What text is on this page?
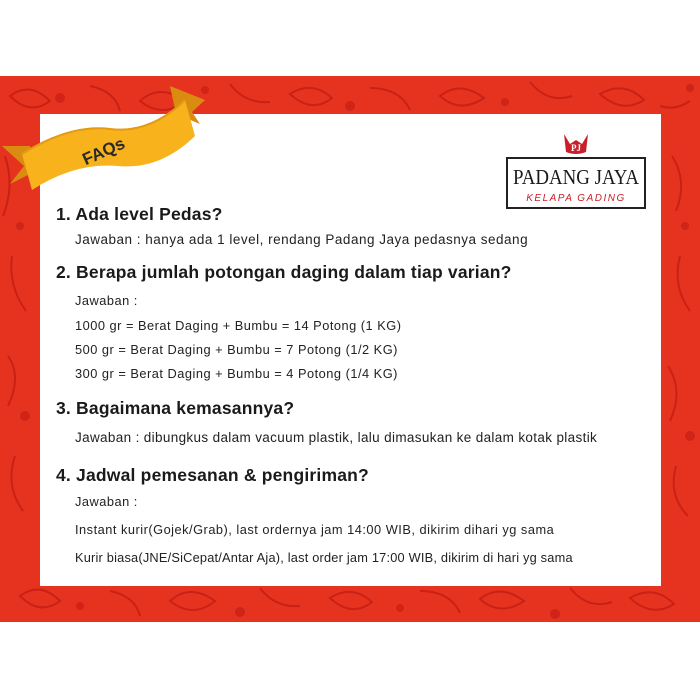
FAQs	PJ
PADANG JAYA
KELAPA GADING
1. Ada level Pedas?
Jawaban : hanya ada 1 level, rendang Padang Jaya pedasnya sedang
2. Berapa jumlah potongan daging dalam tiap varian?
Jawaban :
1000 gr = Berat Daging + Bumbu = 14 Potong (1 KG)
500 gr = Berat Daging + Bumbu = 7 Potong (1/2 KG)
300 gr = Berat Daging + Bumbu = 4 Potong (1/4 KG)
3. Bagaimana kemasannya?
Jawaban : dibungkus dalam vacuum plastik, lalu dimasukan ke dalam kotak plastik
4. Jadwal pemesanan & pengiriman?
Jawaban :
Instant kurir(Gojek/Grab), last ordernya jam 14:00 WIB, dikirim dihari yg sama
Kurir biasa(JNE/SiCepat/Antar Aja), last order jam 17:00 WIB, dikirim di hari yg sama
